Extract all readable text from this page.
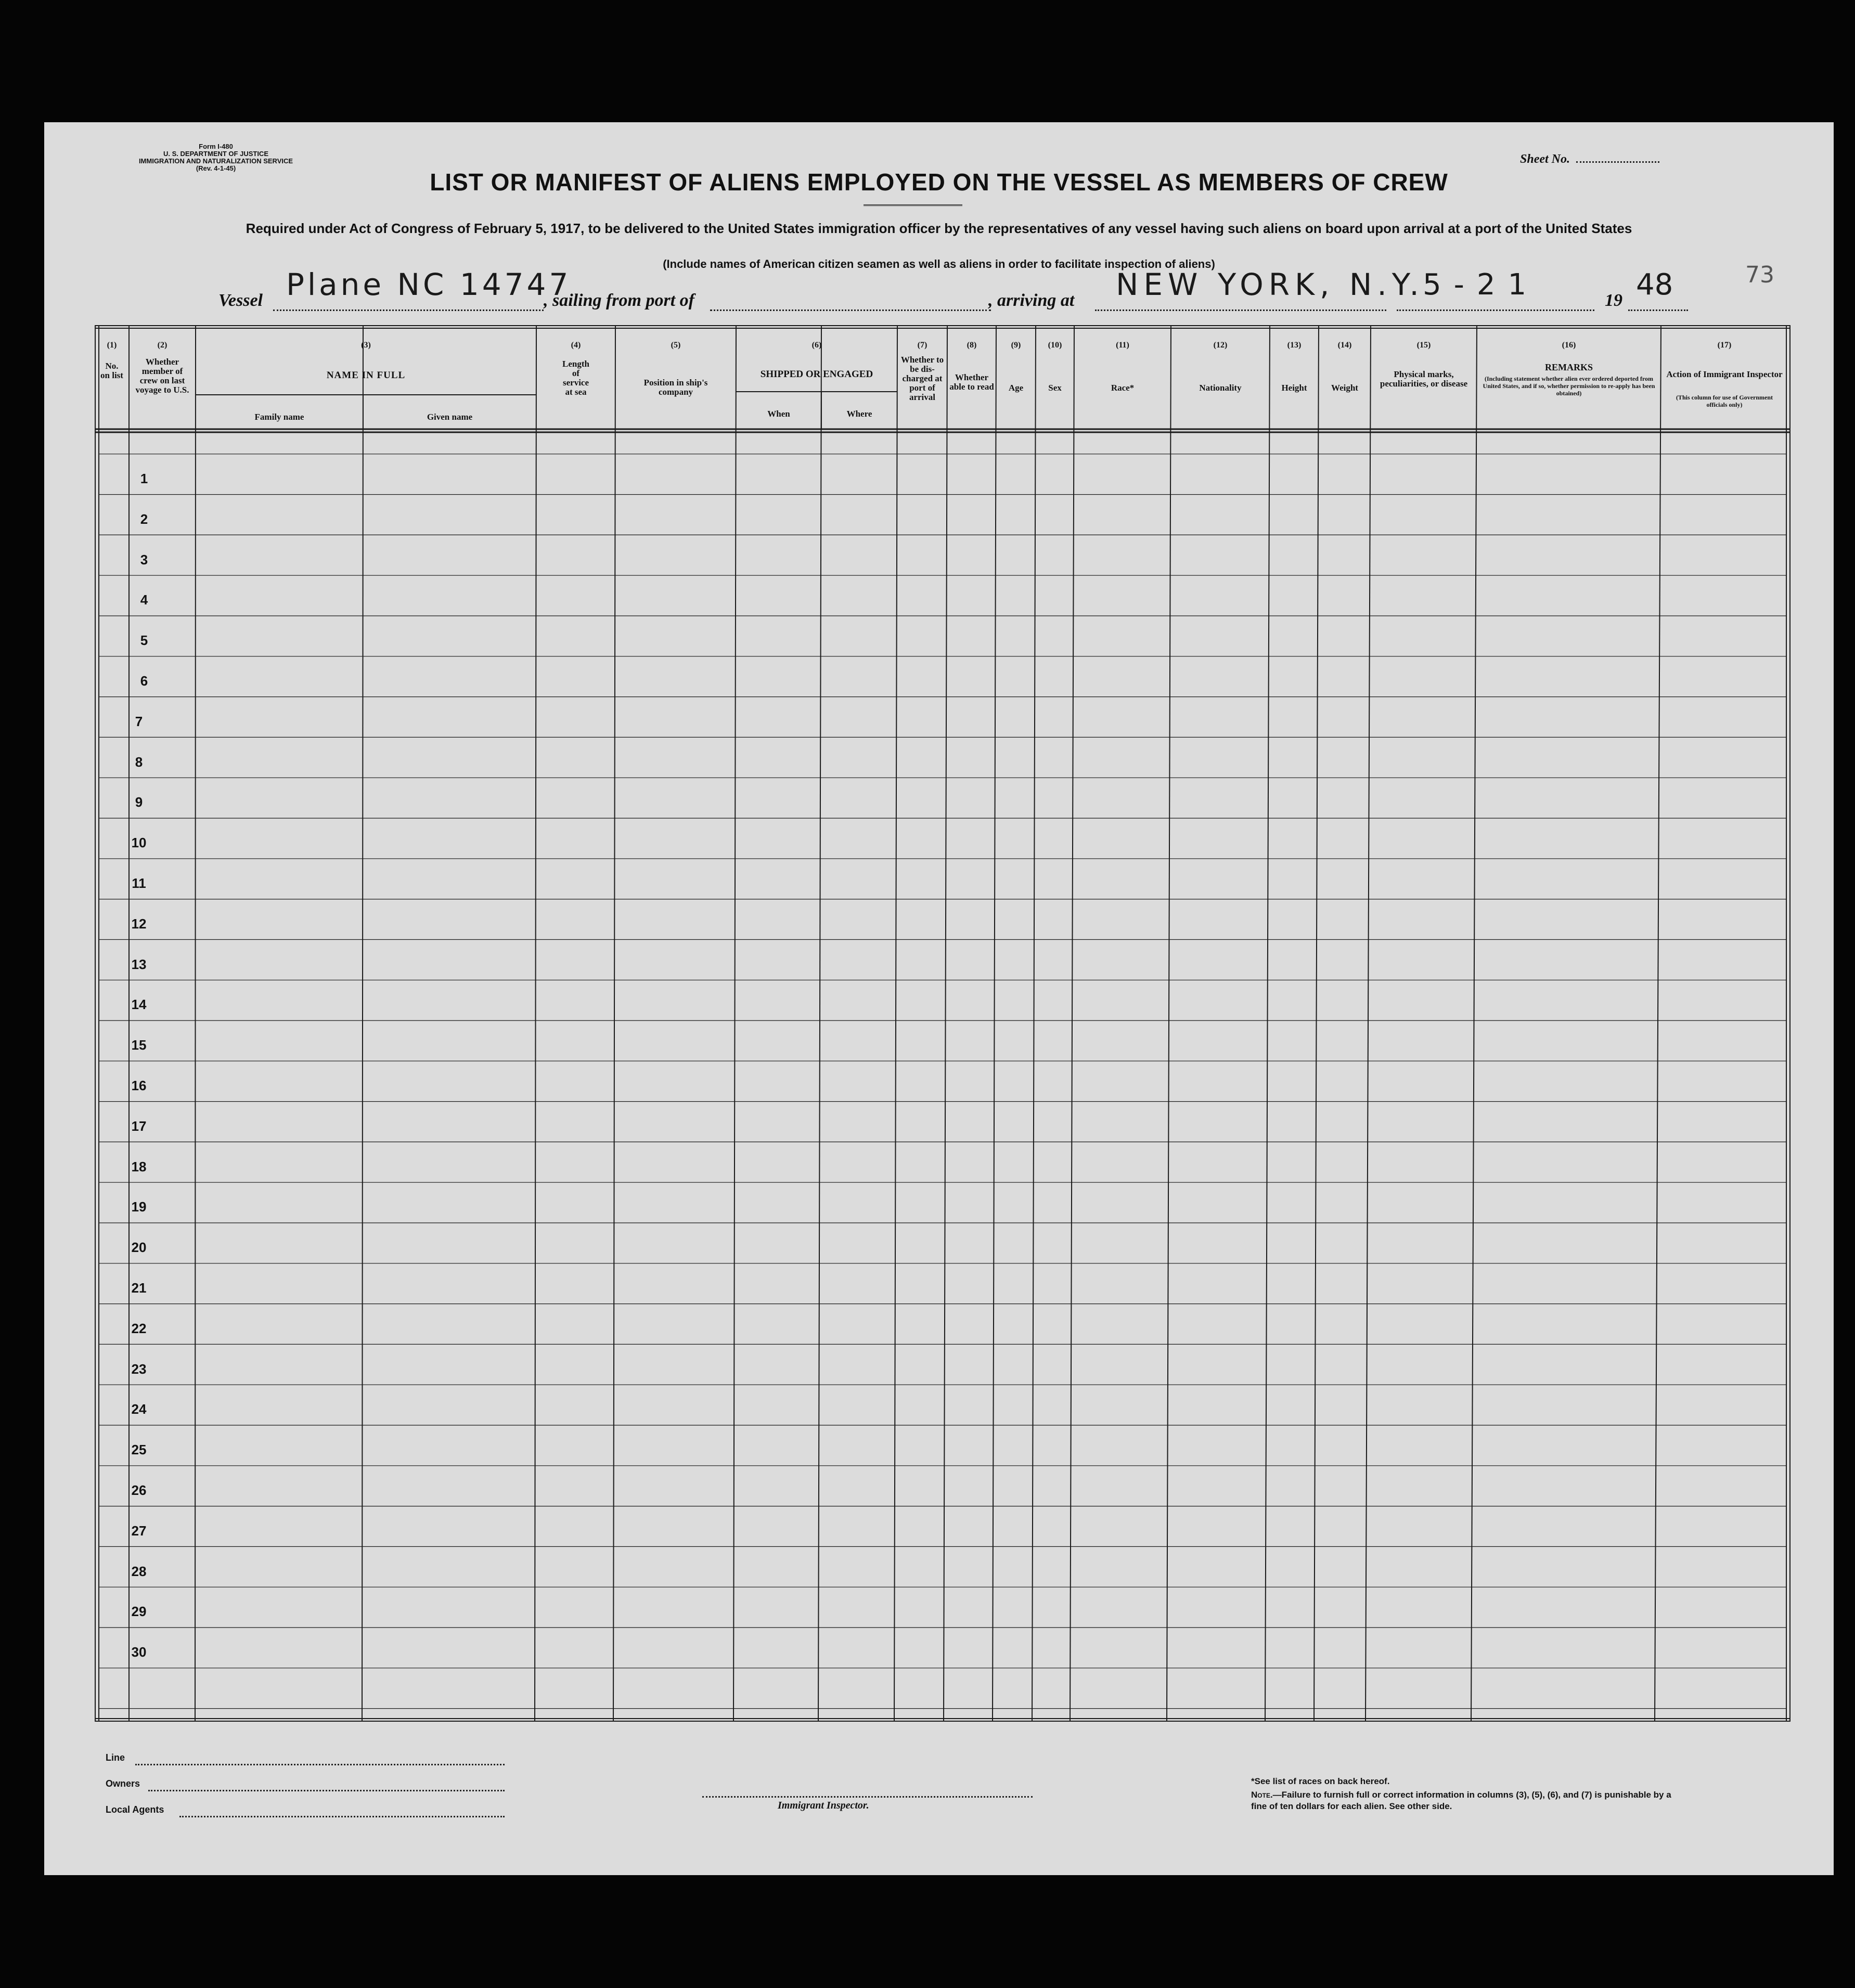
Form I-480
U. S. DEPARTMENT OF JUSTICE
IMMIGRATION AND NATURALIZATION SERVICE
(Rev. 4-1-45)
Sheet No.
LIST OR MANIFEST OF ALIENS EMPLOYED ON THE VESSEL AS MEMBERS OF CREW
Required under Act of Congress of February 5, 1917, to be delivered to the United States immigration officer by the representatives of any vessel having such aliens on board upon arrival at a port of the United States
(Include names of American citizen seamen as well as aliens in order to facilitate inspection of aliens)
Vessel Plane NC 14747
, sailing from port of	, arriving at NEW YORK, N.Y.
5-21	19 48	73
(1)
No. on list
(2)
Whether member of crew on last voyage to U.S.
(3)
NAME IN FULL
Family name	Given name
(4)
Length of service at sea
(5)
Position in ship's company
(6)
SHIPPED OR ENGAGED
When	Where
(7)
Whether to be dis-charged at port of arrival
(8)
Whether able to read
(9)
Age
(10)
Sex
(11)
Race*
(12)
Nationality
(13)
Height
(14)
Weight
(15)
Physical marks, peculiarities, or disease
(16)
REMARKS
(Including statement whether alien ever ordered deported from United States, and if so, whether permission to re-apply has been obtained)
(17)
Action of Immigrant Inspector
(This column for use of Government officials only)
1
2
3
4
5
6
7
8
9
10
11
12
13
14
15
16
17
18
19
20
21
22
23
24
25
26
27
28
29
30
Line
Owners
Local Agents	Immigrant Inspector.
*See list of races on back hereof.
Note.—Failure to furnish full or correct information in columns (3), (5), (6), and (7) is punishable by a fine of ten dollars for each alien. See other side.
